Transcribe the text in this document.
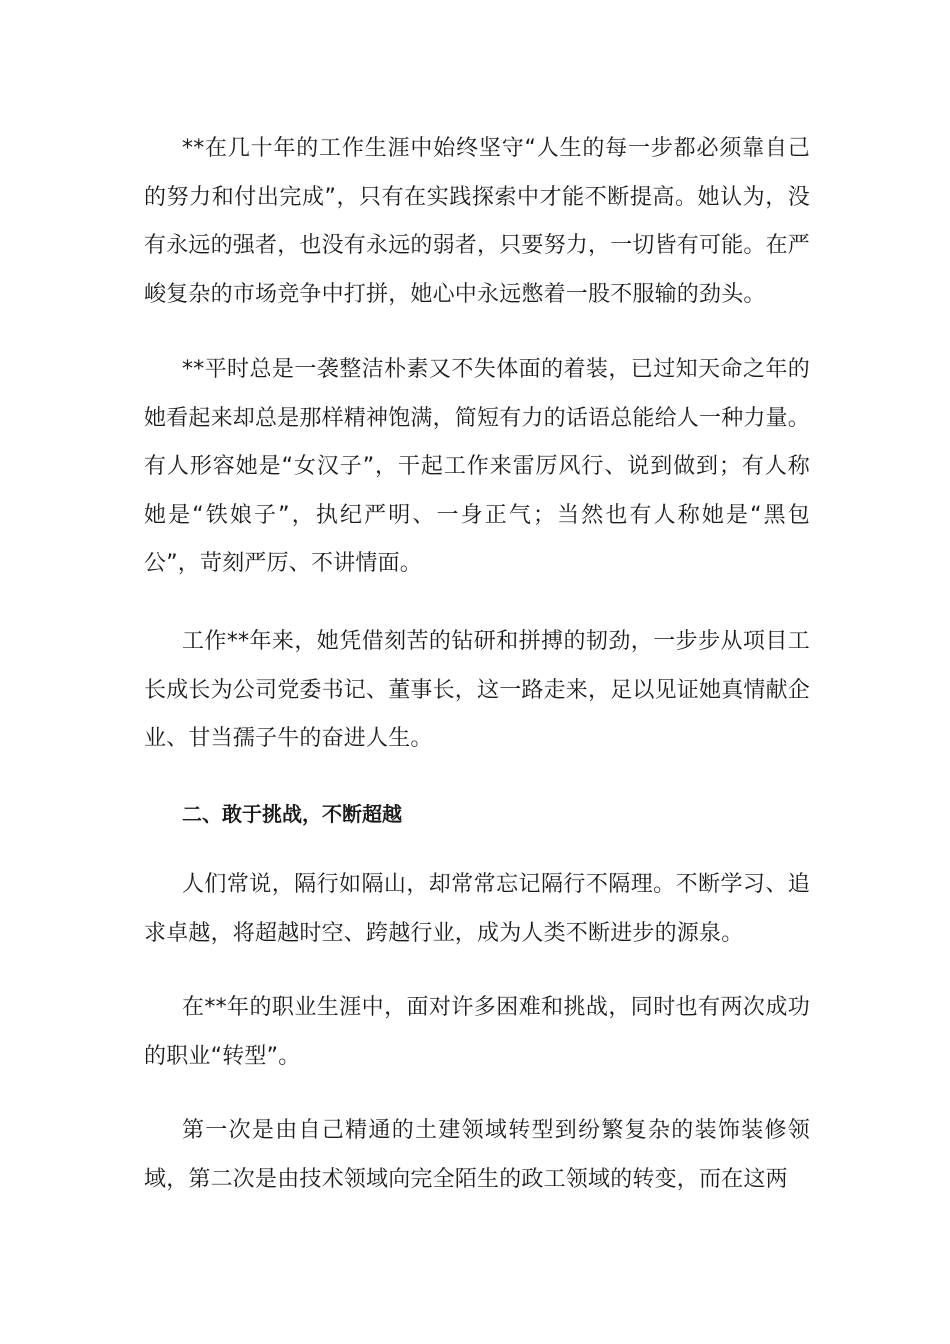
**在几十年的工作生涯中始终坚守“人生的每一步都必须靠自己的努力和付出完成”，只有在实践探索中才能不断提高。她认为，没有永远的强者，也没有永远的弱者，只要努力，一切皆有可能。在严峻复杂的市场竞争中打拼，她心中永远憋着一股不服输的劲头。

**平时总是一袭整洁朴素又不失体面的着装，已过知天命之年的她看起来却总是那样精神饱满，简短有力的话语总能给人一种力量。有人形容她是“女汉子”，干起工作来雷厉风行、说到做到；有人称她是“铁娘子”，执纪严明、一身正气；当然也有人称她是“黑包公”，苛刻严厉、不讲情面。

工作**年来，她凭借刻苦的钻研和拼搏的韧劲，一步步从项目工长成长为公司党委书记、董事长，这一路走来，足以见证她真情献企业、甘当孺子牛的奋进人生。

二、敢于挑战，不断超越

人们常说，隔行如隔山，却常常忘记隔行不隔理。不断学习、追求卓越，将超越时空、跨越行业，成为人类不断进步的源泉。

在**年的职业生涯中，面对许多困难和挑战，同时也有两次成功的职业“转型”。

第一次是由自己精通的土建领域转型到纷繁复杂的装饰装修领域，第二次是由技术领域向完全陌生的政工领域的转变，而在这两
